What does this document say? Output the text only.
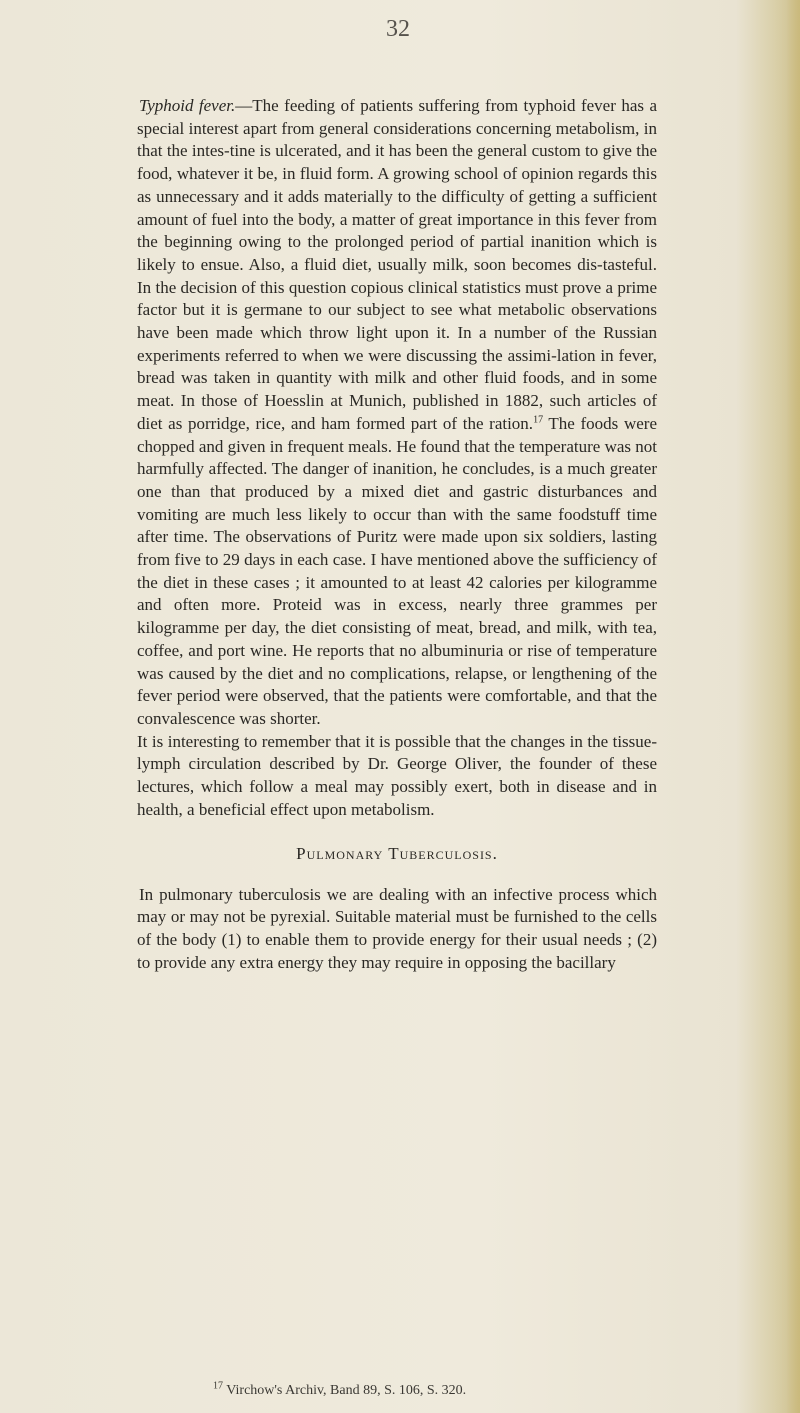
32

Typhoid fever.—The feeding of patients suffering from typhoid fever has a special interest apart from general considerations concerning metabolism, in that the intes-tine is ulcerated, and it has been the general custom to give the food, whatever it be, in fluid form. A growing school of opinion regards this as unnecessary and it adds materially to the difficulty of getting a sufficient amount of fuel into the body, a matter of great importance in this fever from the beginning owing to the prolonged period of partial inanition which is likely to ensue. Also, a fluid diet, usually milk, soon becomes dis-tasteful. In the decision of this question copious clinical statistics must prove a prime factor but it is germane to our subject to see what metabolic observations have been made which throw light upon it. In a number of the Russian experiments referred to when we were discussing the assimi-lation in fever, bread was taken in quantity with milk and other fluid foods, and in some meat. In those of Hoesslin at Munich, published in 1882, such articles of diet as porridge, rice, and ham formed part of the ration.$^{17}$ The foods were chopped and given in frequent meals. He found that the temperature was not harmfully affected. The danger of inanition, he concludes, is a much greater one than that produced by a mixed diet and gastric disturbances and vomiting are much less likely to occur than with the same foodstuff time after time. The observations of Puritz were made upon six soldiers, lasting from five to 29 days in each case. I have mentioned above the sufficiency of the diet in these cases ; it amounted to at least 42 calories per kilogramme and often more. Proteid was in excess, nearly three grammes per kilogramme per day, the diet consisting of meat, bread, and milk, with tea, coffee, and port wine. He reports that no albuminuria or rise of temperature was caused by the diet and no complications, relapse, or lengthening of the fever period were observed, that the patients were comfortable, and that the convalescence was shorter.

It is interesting to remember that it is possible that the changes in the tissue-lymph circulation described by Dr. George Oliver, the founder of these lectures, which follow a meal may possibly exert, both in disease and in health, a beneficial effect upon metabolism.

Pulmonary Tuberculosis.

In pulmonary tuberculosis we are dealing with an infective process which may or may not be pyrexial. Suitable material must be furnished to the cells of the body (1) to enable them to provide energy for their usual needs ; (2) to provide any extra energy they may require in opposing the bacillary

$^{17}$ Virchow's Archiv, Band 89, S. 106, S. 320.
